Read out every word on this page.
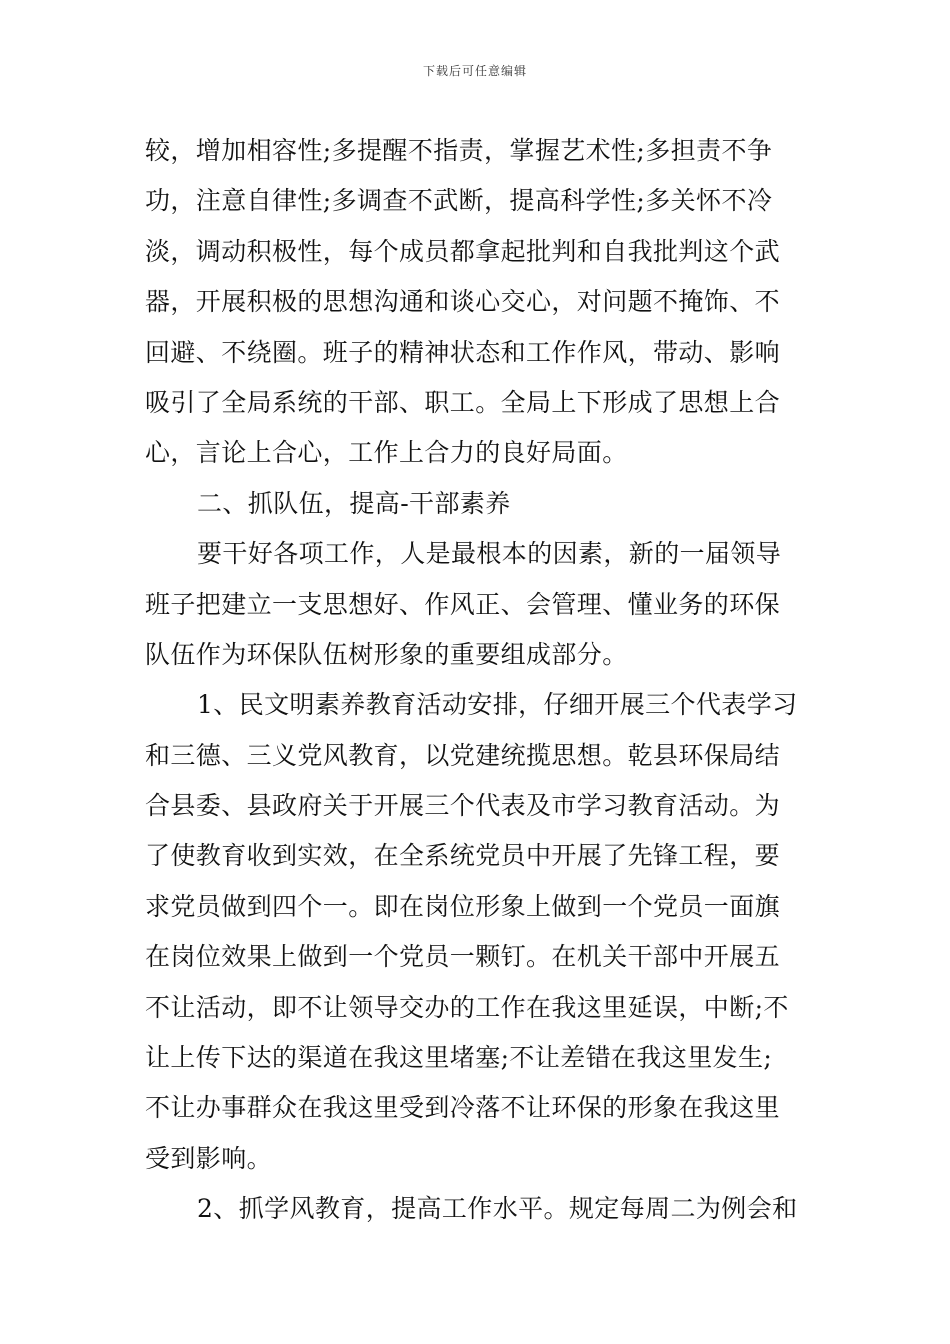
下载后可任意编辑
较，增加相容性;多提醒不指责，掌握艺术性;多担责不争
功，注意自律性;多调查不武断，提高科学性;多关怀不冷
淡，调动积极性，每个成员都拿起批判和自我批判这个武
器，开展积极的思想沟通和谈心交心，对问题不掩饰、不
回避、不绕圈。班子的精神状态和工作作风，带动、影响
吸引了全局系统的干部、职工。全局上下形成了思想上合
心，言论上合心，工作上合力的良好局面。
二、抓队伍，提高-干部素养
要干好各项工作，人是最根本的因素，新的一届领导
班子把建立一支思想好、作风正、会管理、懂业务的环保
队伍作为环保队伍树形象的重要组成部分。
1、民文明素养教育活动安排，仔细开展三个代表学习
和三德、三义党风教育，以党建统揽思想。乾县环保局结
合县委、县政府关于开展三个代表及市学习教育活动。为
了使教育收到实效，在全系统党员中开展了先锋工程，要
求党员做到四个一。即在岗位形象上做到一个党员一面旗
在岗位效果上做到一个党员一颗钉。在机关干部中开展五
不让活动，即不让领导交办的工作在我这里延误，中断;不
让上传下达的渠道在我这里堵塞;不让差错在我这里发生;
不让办事群众在我这里受到冷落不让环保的形象在我这里
受到影响。
2、抓学风教育，提高工作水平。规定每周二为例会和
